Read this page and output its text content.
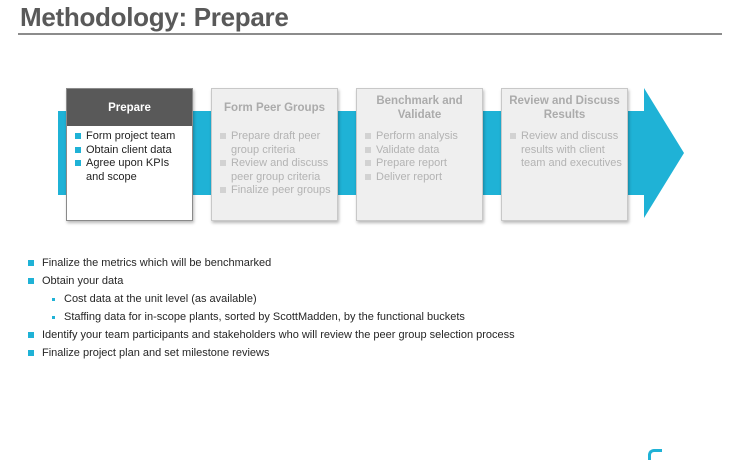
Methodology: Prepare
Prepare
Form project team
Obtain client data
Agree upon KPIs and scope
Form Peer Groups
Prepare draft peer group criteria
Review and discuss peer group criteria
Finalize peer groups
Benchmark and Validate
Perform analysis
Validate data
Prepare report
Deliver report
Review and Discuss Results
Review and discuss results with client team and executives
Finalize the metrics which will be benchmarked
Obtain your data
Cost data at the unit level (as available)
Staffing data for in-scope plants, sorted by ScottMadden, by the functional buckets
Identify your team participants and stakeholders who will review the peer group selection process
Finalize project plan and set milestone reviews
